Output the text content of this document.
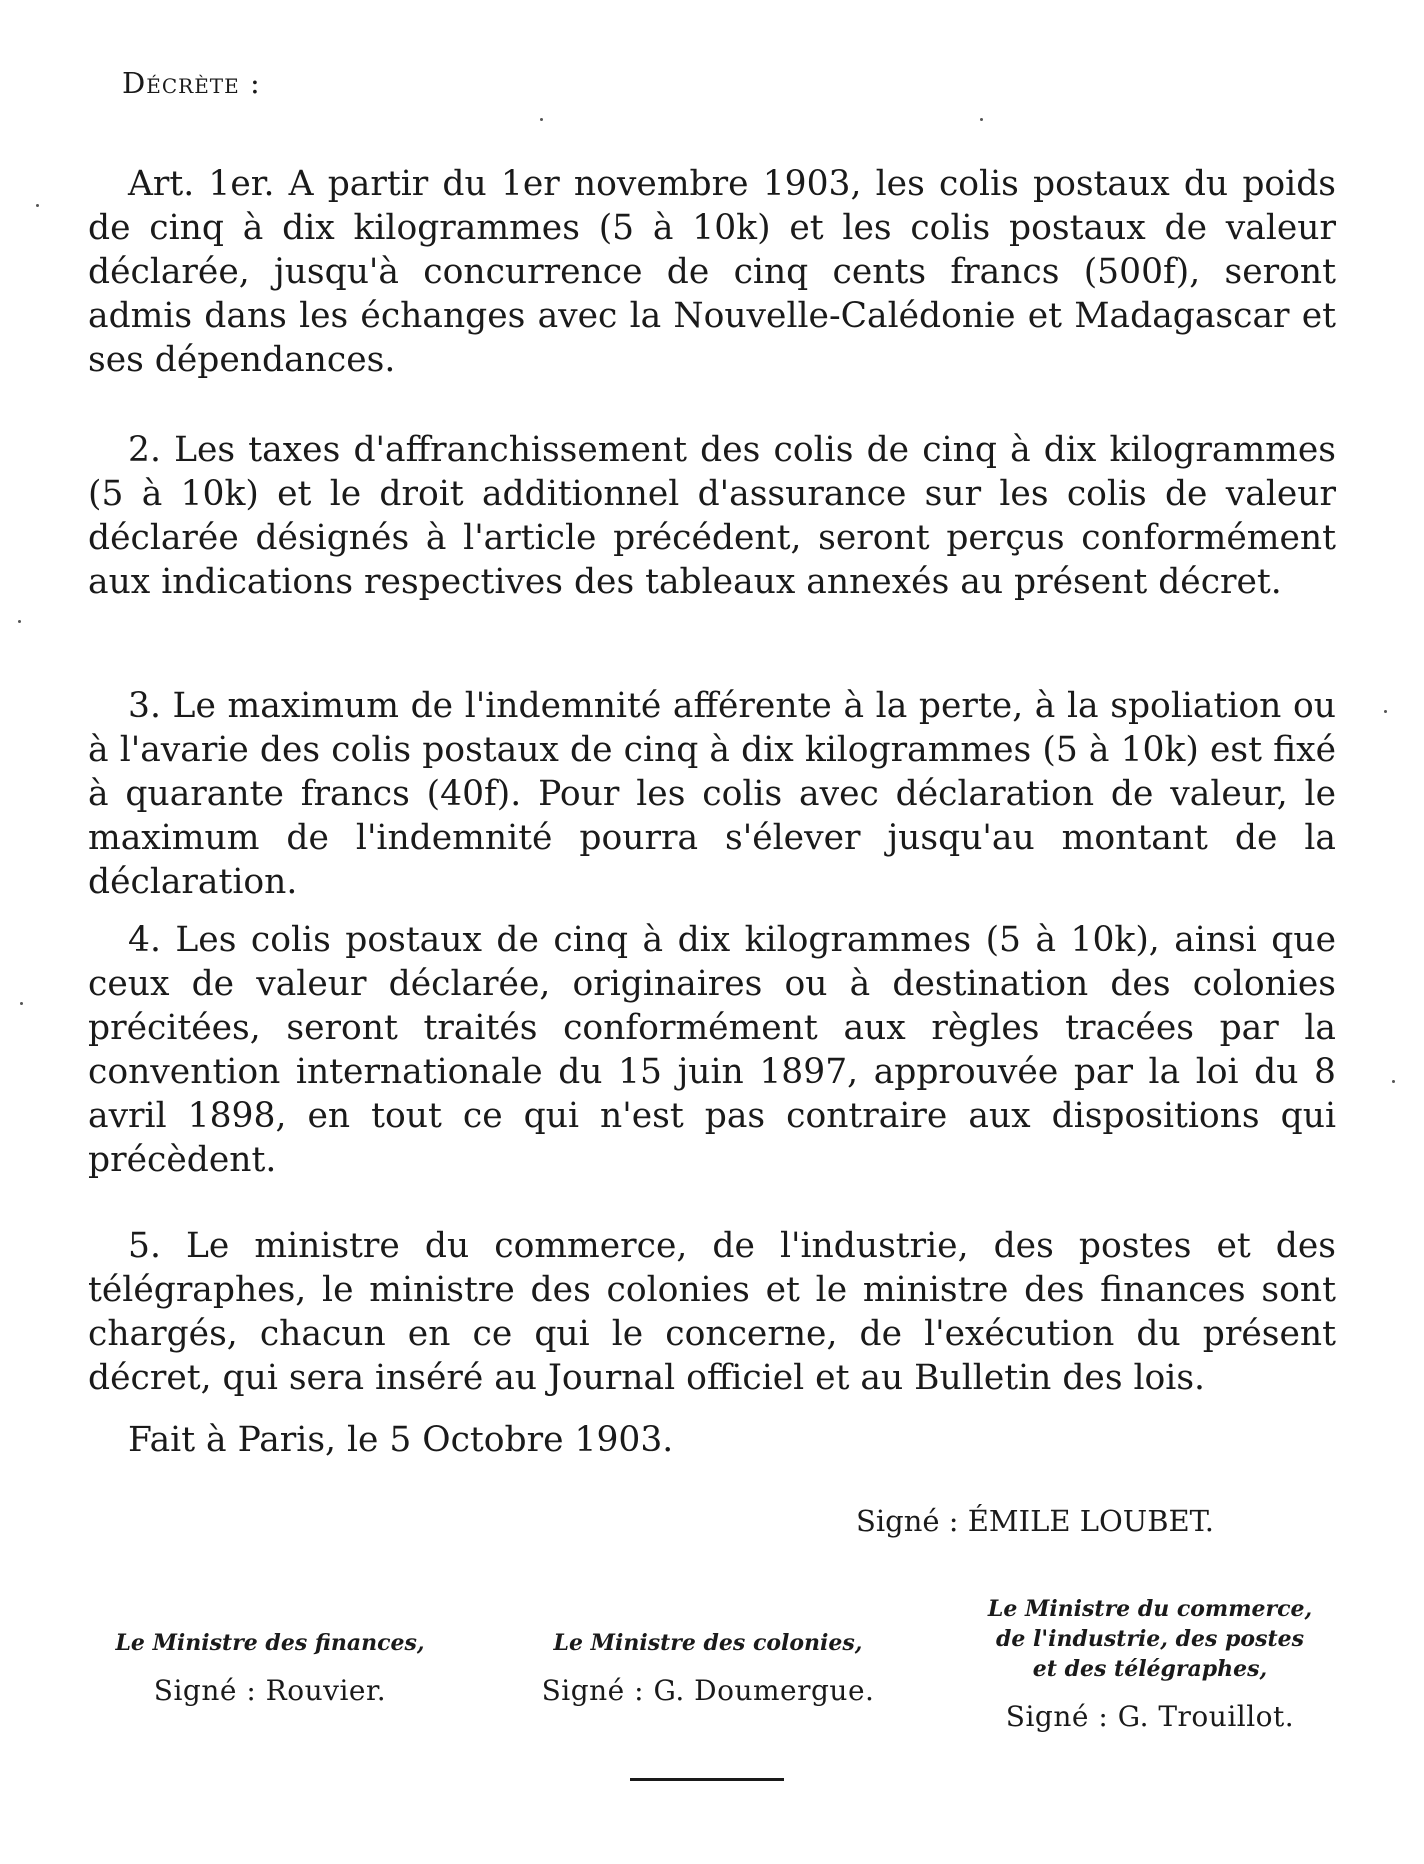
Décrète :
Art. 1er. A partir du 1er novembre 1903, les colis postaux du poids de cinq à dix kilogrammes (5 à 10k) et les colis postaux de valeur déclarée, jusqu'à concurrence de cinq cents francs (500f), seront admis dans les échanges avec la Nouvelle-Calédonie et Madagascar et ses dépendances.
2. Les taxes d'affranchissement des colis de cinq à dix kilogrammes (5 à 10k) et le droit additionnel d'assurance sur les colis de valeur déclarée désignés à l'article précédent, seront perçus conformément aux indications respectives des tableaux annexés au présent décret.
3. Le maximum de l'indemnité afférente à la perte, à la spoliation ou à l'avarie des colis postaux de cinq à dix kilogrammes (5 à 10k) est fixé à quarante francs (40f). Pour les colis avec déclaration de valeur, le maximum de l'indemnité pourra s'élever jusqu'au montant de la déclaration.
4. Les colis postaux de cinq à dix kilogrammes (5 à 10k), ainsi que ceux de valeur déclarée, originaires ou à destination des colonies précitées, seront traités conformément aux règles tracées par la convention internationale du 15 juin 1897, approuvée par la loi du 8 avril 1898, en tout ce qui n'est pas contraire aux dispositions qui précèdent.
5. Le ministre du commerce, de l'industrie, des postes et des télégraphes, le ministre des colonies et le ministre des finances sont chargés, chacun en ce qui le concerne, de l'exécution du présent décret, qui sera inséré au Journal officiel et au Bulletin des lois.
Fait à Paris, le 5 Octobre 1903.
Signé : ÉMILE LOUBET.
Le Ministre des finances,
Signé : Rouvier.
Le Ministre des colonies,
Signé : G. Doumergue.
Le Ministre du commerce,
de l'industrie, des postes
et des télégraphes,
Signé : G. Trouillot.
